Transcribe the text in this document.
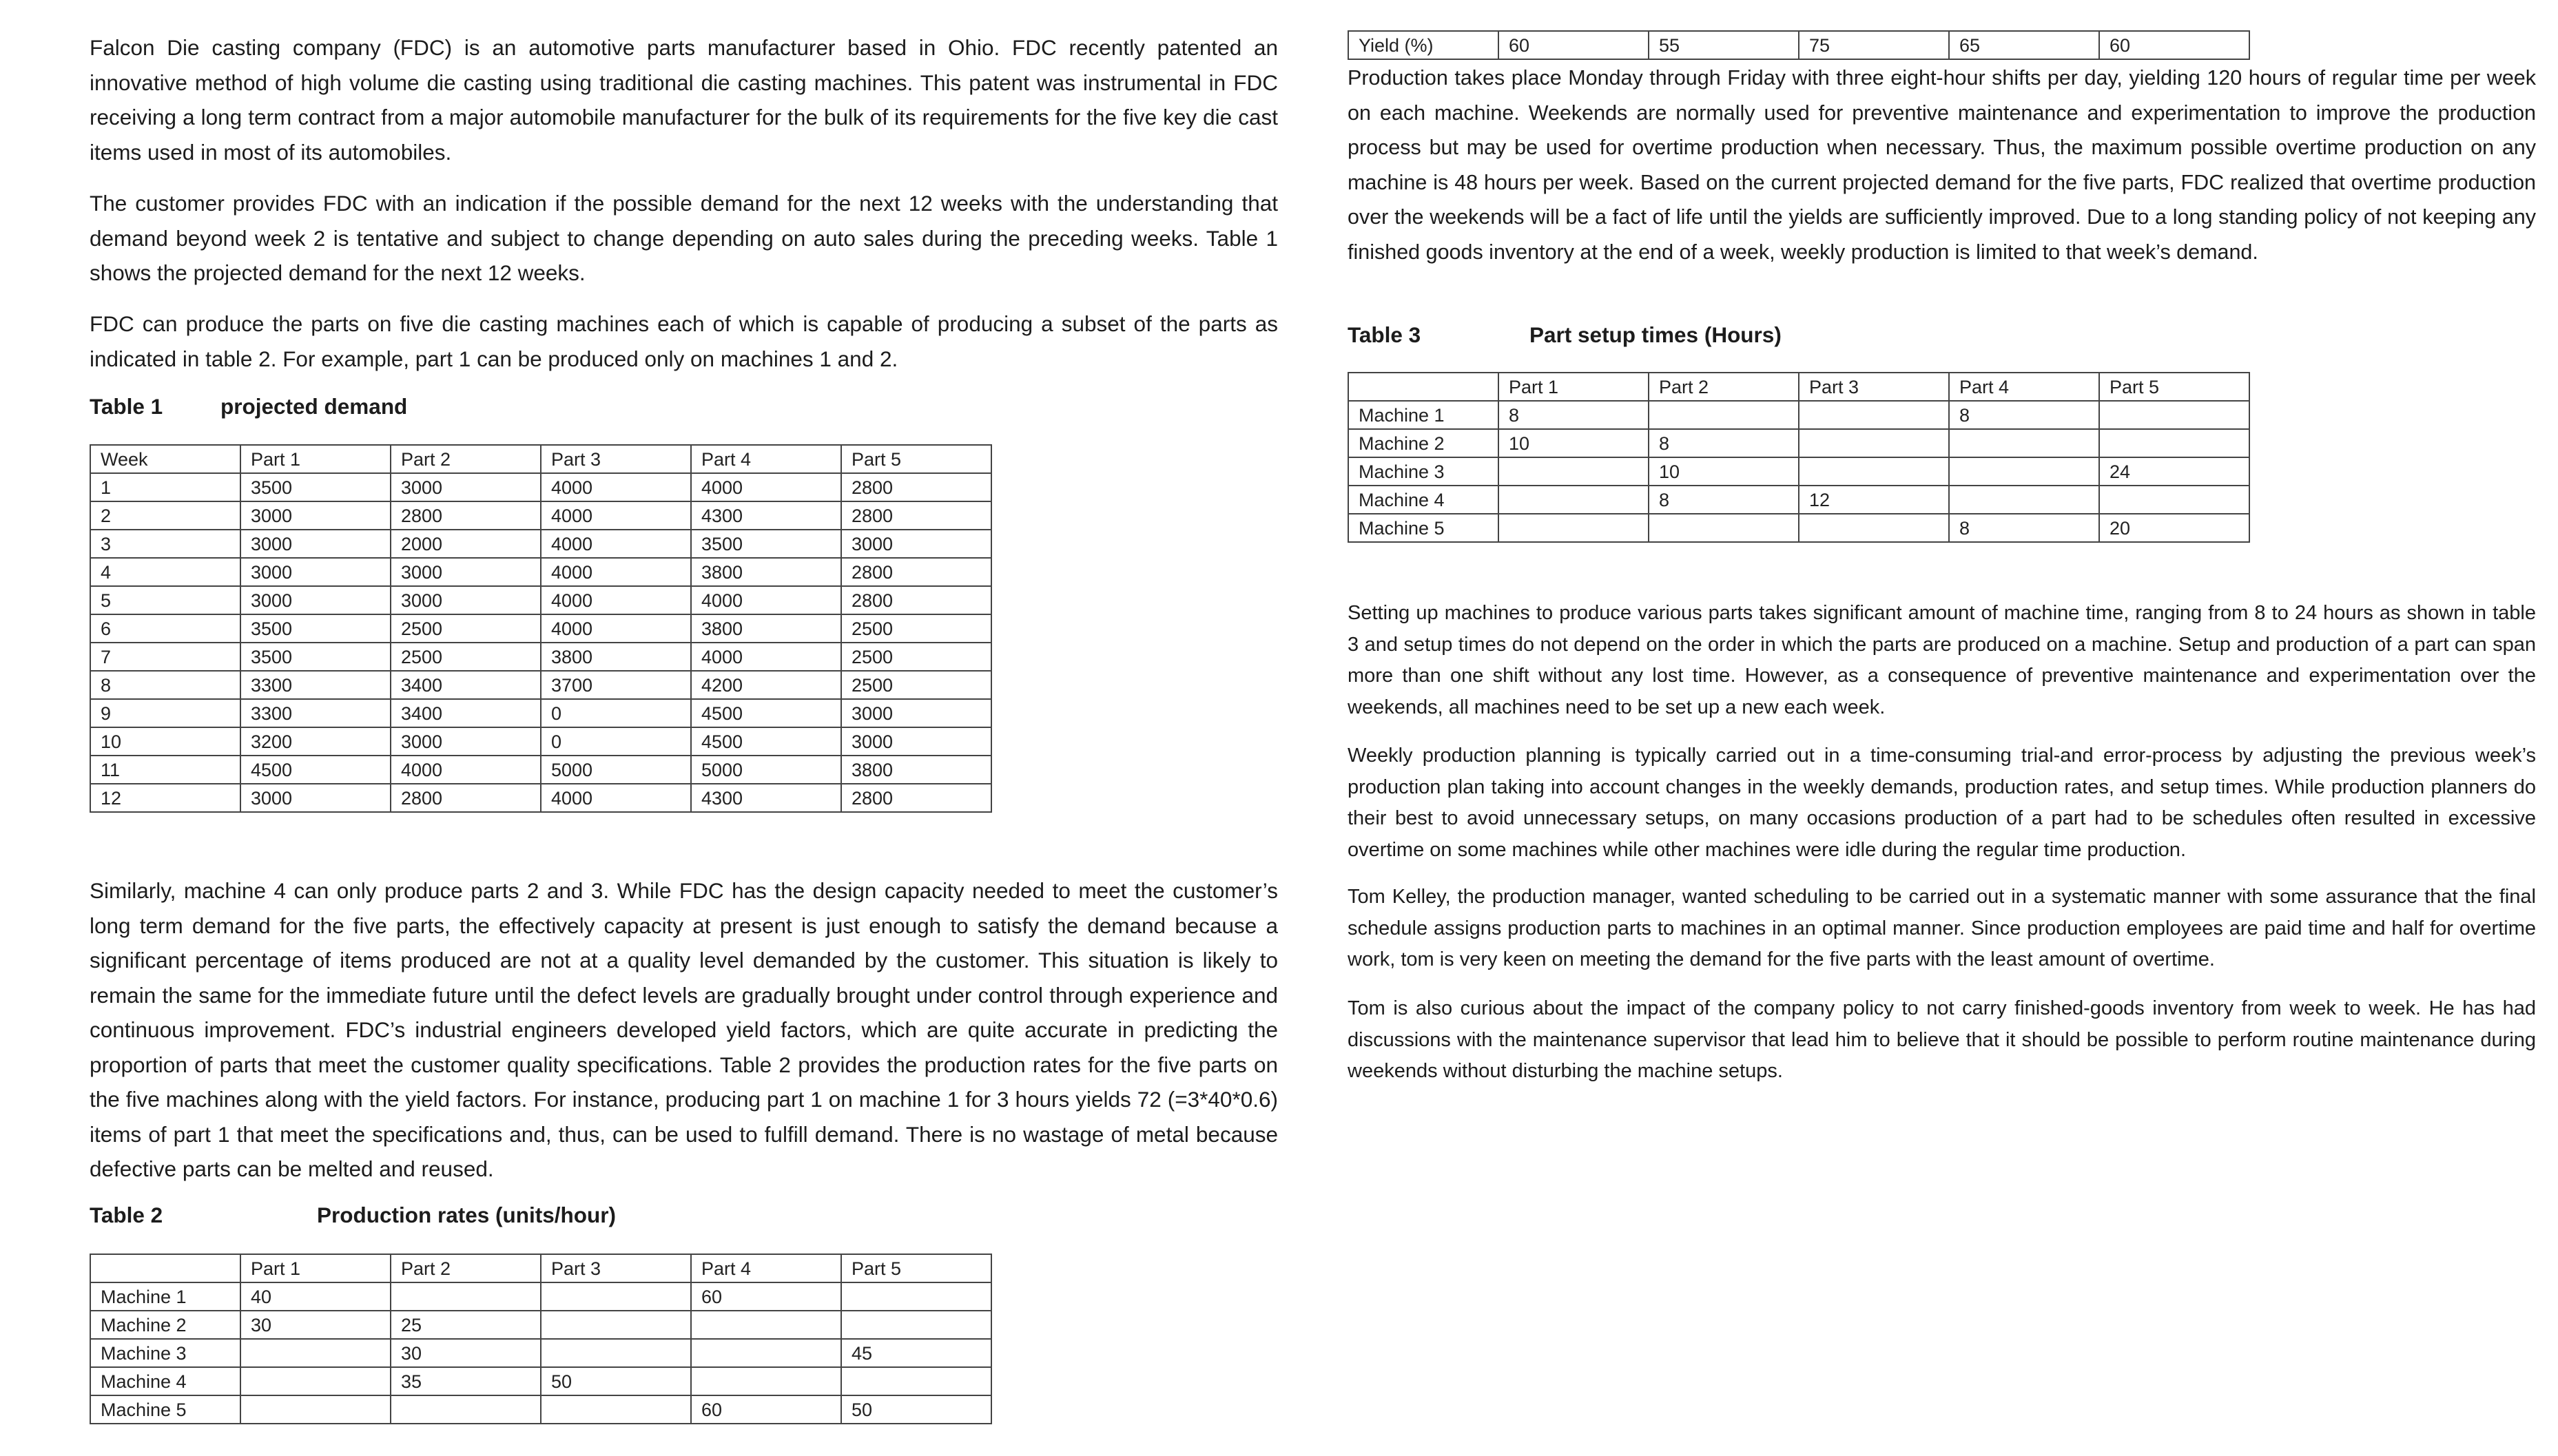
Falcon Die casting company (FDC) is an automotive parts manufacturer based in Ohio. FDC recently patented an innovative method of high volume die casting using traditional die casting machines. This patent was instrumental in FDC receiving a long term contract from a major automobile manufacturer for the bulk of its requirements for the five key die cast items used in most of its automobiles.

The customer provides FDC with an indication if the possible demand for the next 12 weeks with the understanding that demand beyond week 2 is tentative and subject to change depending on auto sales during the preceding weeks. Table 1 shows the projected demand for the next 12 weeks.

FDC can produce the parts on five die casting machines each of which is capable of producing a subset of the parts as indicated in table 2. For example, part 1 can be produced only on machines 1 and 2.

Table 1	projected demand
Week	Part 1	Part 2	Part 3	Part 4	Part 5
1	3500	3000	4000	4000	2800
2	3000	2800	4000	4300	2800
3	3000	2000	4000	3500	3000
4	3000	3000	4000	3800	2800
5	3000	3000	4000	4000	2800
6	3500	2500	4000	3800	2500
7	3500	2500	3800	4000	2500
8	3300	3400	3700	4200	2500
9	3300	3400	0	4500	3000
10	3200	3000	0	4500	3000
11	4500	4000	5000	5000	3800
12	3000	2800	4000	4300	2800

Similarly, machine 4 can only produce parts 2 and 3. While FDC has the design capacity needed to meet the customer’s long term demand for the five parts, the effectively capacity at present is just enough to satisfy the demand because a significant percentage of items produced are not at a quality level demanded by the customer. This situation is likely to remain the same for the immediate future until the defect levels are gradually brought under control through experience and continuous improvement. FDC’s industrial engineers developed yield factors, which are quite accurate in predicting the proportion of parts that meet the customer quality specifications. Table 2 provides the production rates for the five parts on the five machines along with the yield factors. For instance, producing part 1 on machine 1 for 3 hours yields 72 (=3*40*0.6) items of part 1 that meet the specifications and, thus, can be used to fulfill demand. There is no wastage of metal because defective parts can be melted and reused.

Table 2	Production rates (units/hour)
	Part 1	Part 2	Part 3	Part 4	Part 5
Machine 1	40			60	
Machine 2	30	25			
Machine 3		30			45
Machine 4		35	50		
Machine 5				60	50
Yield (%)	60	55	75	65	60

Production takes place Monday through Friday with three eight-hour shifts per day, yielding 120 hours of regular time per week on each machine. Weekends are normally used for preventive maintenance and experimentation to improve the production process but may be used for overtime production when necessary. Thus, the maximum possible overtime production on any machine is 48 hours per week. Based on the current projected demand for the five parts, FDC realized that overtime production over the weekends will be a fact of life until the yields are sufficiently improved. Due to a long standing policy of not keeping any finished goods inventory at the end of a week, weekly production is limited to that week’s demand.

Table 3	Part setup times (Hours)
	Part 1	Part 2	Part 3	Part 4	Part 5
Machine 1	8			8	
Machine 2	10	8			
Machine 3		10			24
Machine 4		8	12		
Machine 5				8	20

Setting up machines to produce various parts takes significant amount of machine time, ranging from 8 to 24 hours as shown in table 3 and setup times do not depend on the order in which the parts are produced on a machine. Setup and production of a part can span more than one shift without any lost time. However, as a consequence of preventive maintenance and experimentation over the weekends, all machines need to be set up a new each week.

Weekly production planning is typically carried out in a time-consuming trial-and error-process by adjusting the previous week’s production plan taking into account changes in the weekly demands, production rates, and setup times. While production planners do their best to avoid unnecessary setups, on many occasions production of a part had to be schedules often resulted in excessive overtime on some machines while other machines were idle during the regular time production.

Tom Kelley, the production manager, wanted scheduling to be carried out in a systematic manner with some assurance that the final schedule assigns production parts to machines in an optimal manner. Since production employees are paid time and half for overtime work, tom is very keen on meeting the demand for the five parts with the least amount of overtime.

Tom is also curious about the impact of the company policy to not carry finished-goods inventory from week to week. He has had discussions with the maintenance supervisor that lead him to believe that it should be possible to perform routine maintenance during weekends without disturbing the machine setups.
